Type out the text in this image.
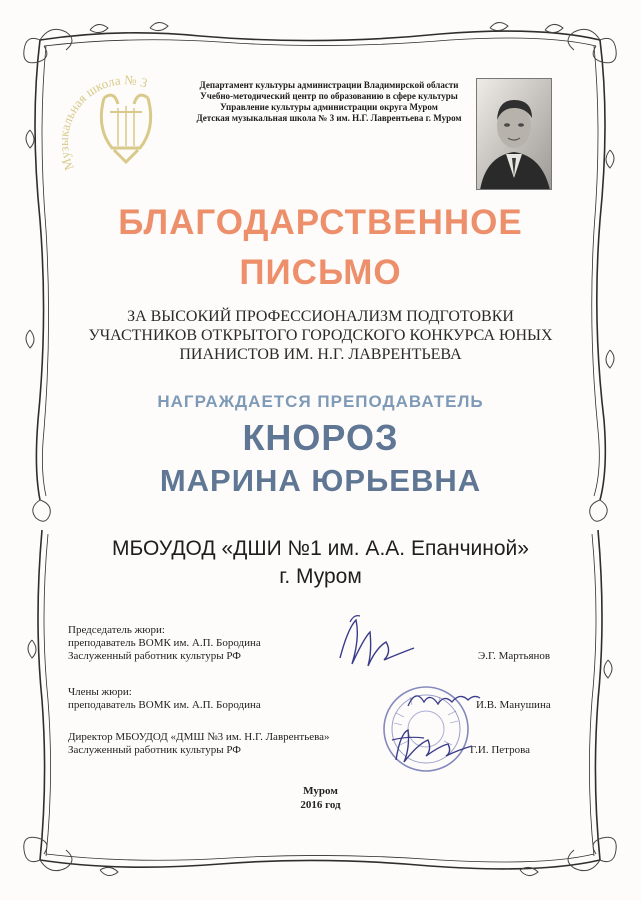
Музыкальная школа № 3	Департамент культуры администрации Владимирской области
Учебно-методический центр по образованию в сфере культуры
Управление культуры администрации округа Муром
Детская музыкальная школа № 3 им. Н.Г. Лаврентьева г. Муром
БЛАГОДАРСТВЕННОЕ
ПИСЬМО
ЗА ВЫСОКИЙ ПРОФЕССИОНАЛИЗМ ПОДГОТОВКИ
УЧАСТНИКОВ ОТКРЫТОГО ГОРОДСКОГО КОНКУРСА ЮНЫХ
ПИАНИСТОВ ИМ. Н.Г. ЛАВРЕНТЬЕВА
НАГРАЖДАЕТСЯ ПРЕПОДАВАТЕЛЬ
КНОРОЗ
МАРИНА ЮРЬЕВНА
МБОУДОД «ДШИ №1 им. А.А. Епанчиной»
г. Муром
Председатель жюри:
преподаватель ВОМК им. А.П. Бородина
Заслуженный работник культуры РФ	Э.Г. Мартьянов
Члены жюри:
преподаватель ВОМК им. А.П. Бородина	И.В. Манушина
Директор МБОУДОД «ДМШ №3 им. Н.Г. Лаврентьева»
Заслуженный работник культуры РФ	Г.И. Петрова
Муром
2016 год
